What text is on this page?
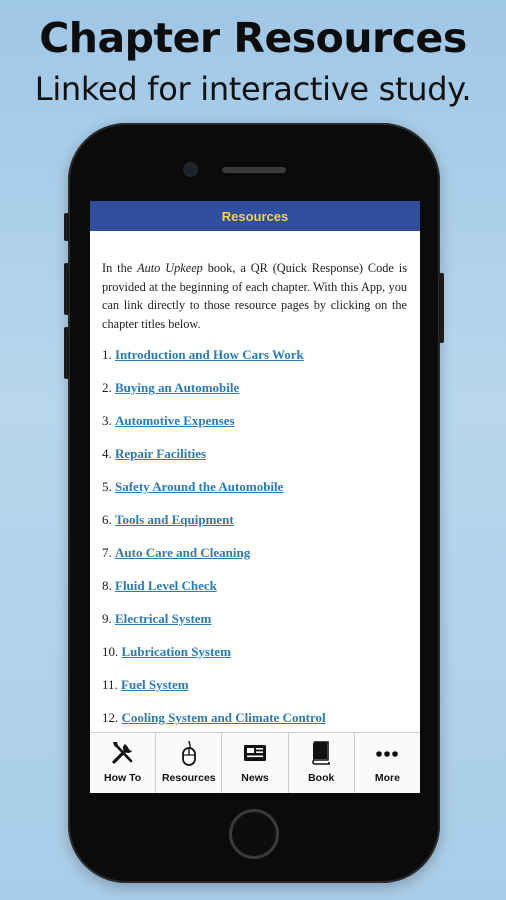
Chapter Resources
Linked for interactive study.
Resources

In the Auto Upkeep book, a QR (Quick Response) Code is provided at the beginning of each chapter. With this App, you can link directly to those resource pages by clicking on the chapter titles below.

1. Introduction and How Cars Work
2. Buying an Automobile
3. Automotive Expenses
4. Repair Facilities
5. Safety Around the Automobile
6. Tools and Equipment
7. Auto Care and Cleaning
8. Fluid Level Check
9. Electrical System
10. Lubrication System
11. Fuel System
12. Cooling System and Climate Control
How To Resources News	Book	More
